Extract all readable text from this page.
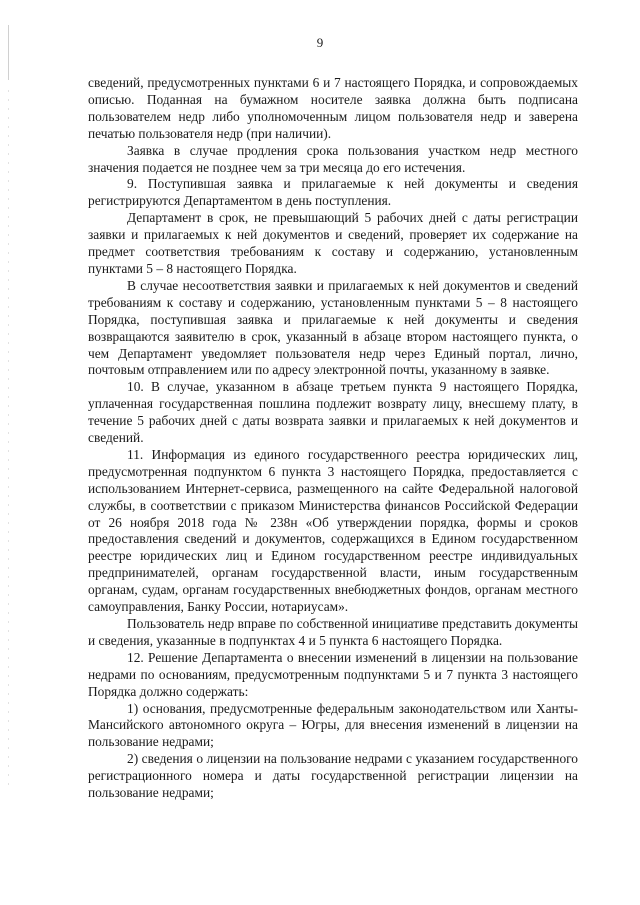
9

сведений, предусмотренных пунктами 6 и 7 настоящего Порядка, и сопровождаемых описью. Поданная на бумажном носителе заявка должна быть подписана пользователем недр либо уполномоченным лицом пользователя недр и заверена печатью пользователя недр (при наличии).

Заявка в случае продления срока пользования участком недр местного значения подается не позднее чем за три месяца до его истечения.

9. Поступившая заявка и прилагаемые к ней документы и сведения регистрируются Департаментом в день поступления.

Департамент в срок, не превышающий 5 рабочих дней с даты регистрации заявки и прилагаемых к ней документов и сведений, проверяет их содержание на предмет соответствия требованиям к составу и содержанию, установленным пунктами 5 – 8 настоящего Порядка.

В случае несоответствия заявки и прилагаемых к ней документов и сведений требованиям к составу и содержанию, установленным пунктами 5 – 8 настоящего Порядка, поступившая заявка и прилагаемые к ней документы и сведения возвращаются заявителю в срок, указанный в абзаце втором настоящего пункта, о чем Департамент уведомляет пользователя недр через Единый портал, лично, почтовым отправлением или по адресу электронной почты, указанному в заявке.

10. В случае, указанном в абзаце третьем пункта 9 настоящего Порядка, уплаченная государственная пошлина подлежит возврату лицу, внесшему плату, в течение 5 рабочих дней с даты возврата заявки и прилагаемых к ней документов и сведений.

11. Информация из единого государственного реестра юридических лиц, предусмотренная подпунктом 6 пункта 3 настоящего Порядка, предоставляется с использованием Интернет-сервиса, размещенного на сайте Федеральной налоговой службы, в соответствии с приказом Министерства финансов Российской Федерации от 26 ноября 2018 года № 238н «Об утверждении порядка, формы и сроков предоставления сведений и документов, содержащихся в Едином государственном реестре юридических лиц и Едином государственном реестре индивидуальных предпринимателей, органам государственной власти, иным государственным органам, судам, органам государственных внебюджетных фондов, органам местного самоуправления, Банку России, нотариусам».

Пользователь недр вправе по собственной инициативе представить документы и сведения, указанные в подпунктах 4 и 5 пункта 6 настоящего Порядка.

12. Решение Департамента о внесении изменений в лицензии на пользование недрами по основаниям, предусмотренным подпунктами 5 и 7 пункта 3 настоящего Порядка должно содержать:

1) основания, предусмотренные федеральным законодательством или Ханты-Мансийского автономного округа – Югры, для внесения изменений в лицензии на пользование недрами;

2) сведения о лицензии на пользование недрами с указанием государственного регистрационного номера и даты государственной регистрации лицензии на пользование недрами;
